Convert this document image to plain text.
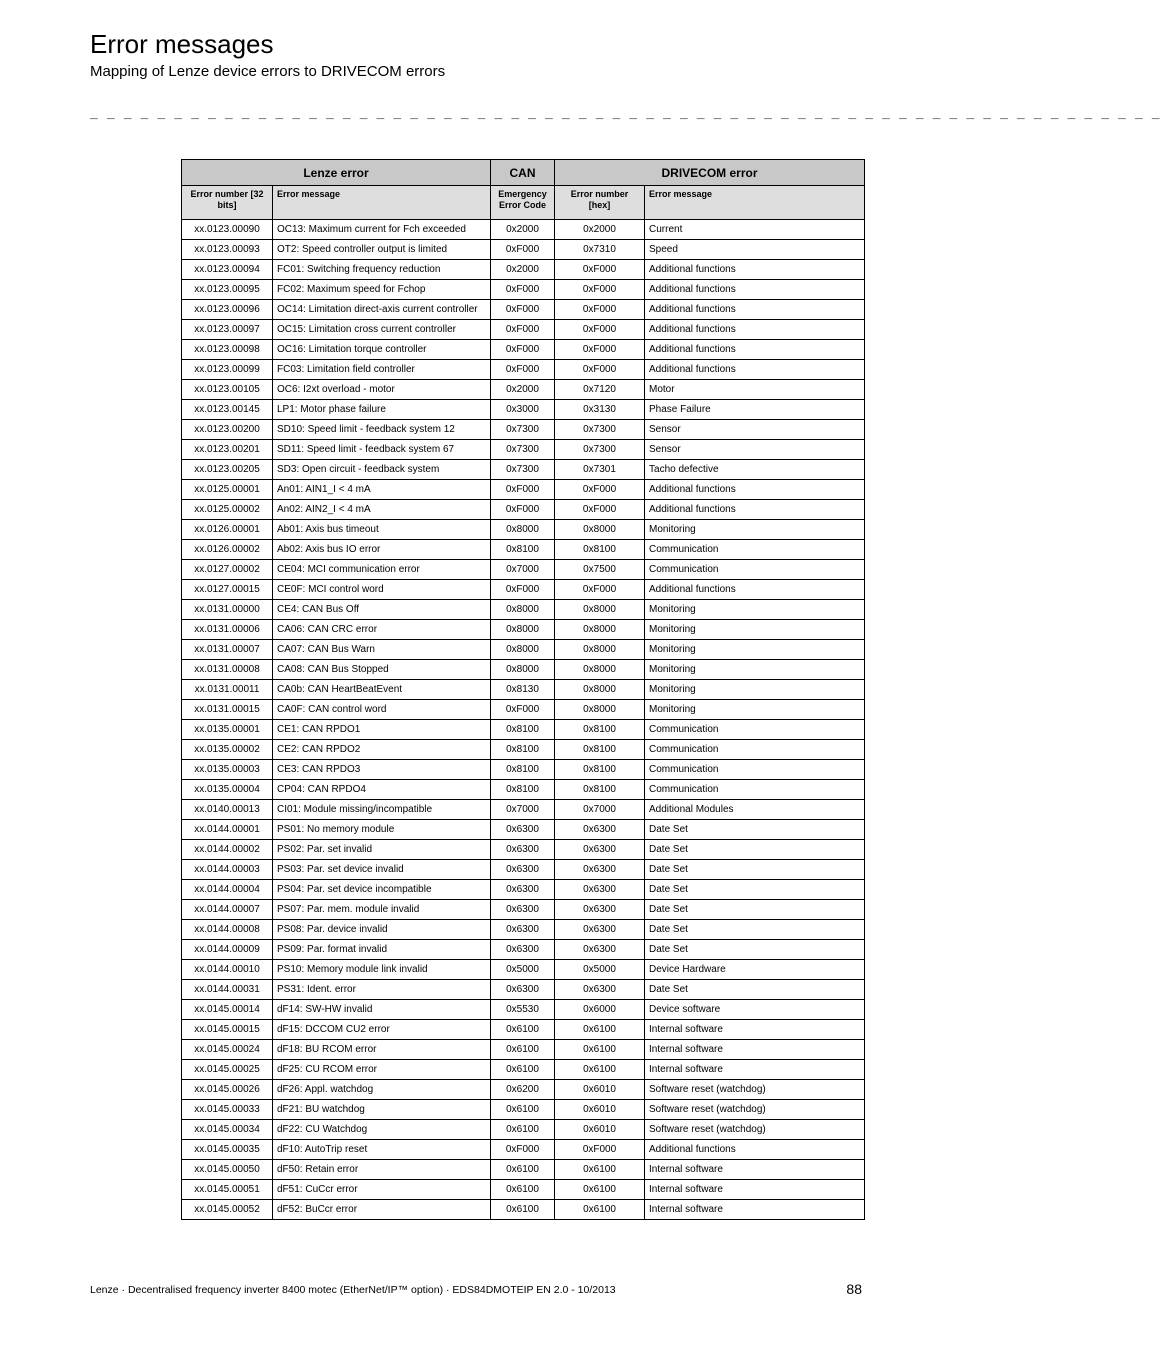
Error messages
Mapping of Lenze device errors to DRIVECOM errors
_ _ _ _ _ _ _ _ _ _ _ _ _ _ _ _ _ _ _ _ _ _ _ _ _ _ _ _ _ _ _ _ _ _ _ _ _ _ _ _ _ _ _ _ _ _ _ _ _ _ _ _ _ _ _ _ _ _ _ _ _ _ _ _
Lenze error		CAN	DRIVECOM error	
Error number [32 bits]	Error message	Emergency Error Code	Error number [hex]	Error message
xx.0123.00090	OC13: Maximum current for Fch exceeded	0x2000	0x2000	Current
xx.0123.00093	OT2: Speed controller output is limited	0xF000	0x7310	Speed
xx.0123.00094	FC01: Switching frequency reduction	0x2000	0xF000	Additional functions
xx.0123.00095	FC02: Maximum speed for Fchop	0xF000	0xF000	Additional functions
xx.0123.00096	OC14: Limitation direct-axis current controller	0xF000	0xF000	Additional functions
xx.0123.00097	OC15: Limitation cross current controller	0xF000	0xF000	Additional functions
xx.0123.00098	OC16: Limitation torque controller	0xF000	0xF000	Additional functions
xx.0123.00099	FC03: Limitation field controller	0xF000	0xF000	Additional functions
xx.0123.00105	OC6: I2xt overload - motor	0x2000	0x7120	Motor
xx.0123.00145	LP1: Motor phase failure	0x3000	0x3130	Phase Failure
xx.0123.00200	SD10: Speed limit - feedback system 12	0x7300	0x7300	Sensor
xx.0123.00201	SD11: Speed limit - feedback system 67	0x7300	0x7300	Sensor
xx.0123.00205	SD3: Open circuit - feedback system	0x7300	0x7301	Tacho defective
xx.0125.00001	An01: AIN1_I < 4 mA	0xF000	0xF000	Additional functions
xx.0125.00002	An02: AIN2_I < 4 mA	0xF000	0xF000	Additional functions
xx.0126.00001	Ab01: Axis bus timeout	0x8000	0x8000	Monitoring
xx.0126.00002	Ab02: Axis bus IO error	0x8100	0x8100	Communication
xx.0127.00002	CE04: MCI communication error	0x7000	0x7500	Communication
xx.0127.00015	CE0F: MCI control word	0xF000	0xF000	Additional functions
xx.0131.00000	CE4: CAN Bus Off	0x8000	0x8000	Monitoring
xx.0131.00006	CA06: CAN CRC error	0x8000	0x8000	Monitoring
xx.0131.00007	CA07: CAN Bus Warn	0x8000	0x8000	Monitoring
xx.0131.00008	CA08: CAN Bus Stopped	0x8000	0x8000	Monitoring
xx.0131.00011	CA0b: CAN HeartBeatEvent	0x8130	0x8000	Monitoring
xx.0131.00015	CA0F: CAN control word	0xF000	0x8000	Monitoring
xx.0135.00001	CE1: CAN RPDO1	0x8100	0x8100	Communication
xx.0135.00002	CE2: CAN RPDO2	0x8100	0x8100	Communication
xx.0135.00003	CE3: CAN RPDO3	0x8100	0x8100	Communication
xx.0135.00004	CP04: CAN RPDO4	0x8100	0x8100	Communication
xx.0140.00013	CI01: Module missing/incompatible	0x7000	0x7000	Additional Modules
xx.0144.00001	PS01: No memory module	0x6300	0x6300	Date Set
xx.0144.00002	PS02: Par. set invalid	0x6300	0x6300	Date Set
xx.0144.00003	PS03: Par. set device invalid	0x6300	0x6300	Date Set
xx.0144.00004	PS04: Par. set device incompatible	0x6300	0x6300	Date Set
xx.0144.00007	PS07: Par. mem. module invalid	0x6300	0x6300	Date Set
xx.0144.00008	PS08: Par. device invalid	0x6300	0x6300	Date Set
xx.0144.00009	PS09: Par. format invalid	0x6300	0x6300	Date Set
xx.0144.00010	PS10: Memory module link invalid	0x5000	0x5000	Device Hardware
xx.0144.00031	PS31: Ident. error	0x6300	0x6300	Date Set
xx.0145.00014	dF14: SW-HW invalid	0x5530	0x6000	Device software
xx.0145.00015	dF15: DCCOM CU2 error	0x6100	0x6100	Internal software
xx.0145.00024	dF18: BU RCOM error	0x6100	0x6100	Internal software
xx.0145.00025	dF25: CU RCOM error	0x6100	0x6100	Internal software
xx.0145.00026	dF26: Appl. watchdog	0x6200	0x6010	Software reset (watchdog)
xx.0145.00033	dF21: BU watchdog	0x6100	0x6010	Software reset (watchdog)
xx.0145.00034	dF22: CU Watchdog	0x6100	0x6010	Software reset (watchdog)
xx.0145.00035	dF10: AutoTrip reset	0xF000	0xF000	Additional functions
xx.0145.00050	dF50: Retain error	0x6100	0x6100	Internal software
xx.0145.00051	dF51: CuCcr error	0x6100	0x6100	Internal software
xx.0145.00052	dF52: BuCcr error	0x6100	0x6100	Internal software
Lenze · Decentralised frequency inverter 8400 motec (EtherNet/IP™ option) · EDS84DMOTEIP EN 2.0 - 10/2013	88
